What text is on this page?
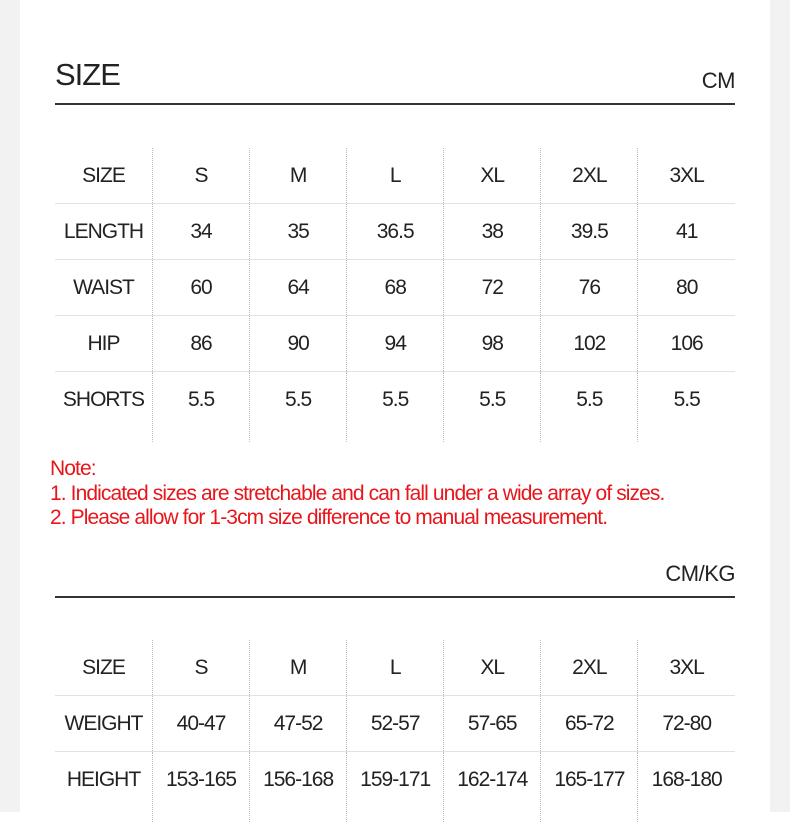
SIZE	CM
SIZE	S	M	L	XL	2XL	3XL
LENGTH	34	35	36.5	38	39.5	41
WAIST	60	64	68	72	76	80
HIP	86	90	94	98	102	106
SHORTS	5.5	5.5	5.5	5.5	5.5	5.5
Note:
1. Indicated sizes are stretchable and can fall under a wide array of sizes.
2. Please allow for 1-3cm size difference to manual measurement.
CM/KG
SIZE	S	M	L	XL	2XL	3XL
WEIGHT	40-47	47-52	52-57	57-65	65-72	72-80
HEIGHT	153-165	156-168	159-171	162-174	165-177	168-180
